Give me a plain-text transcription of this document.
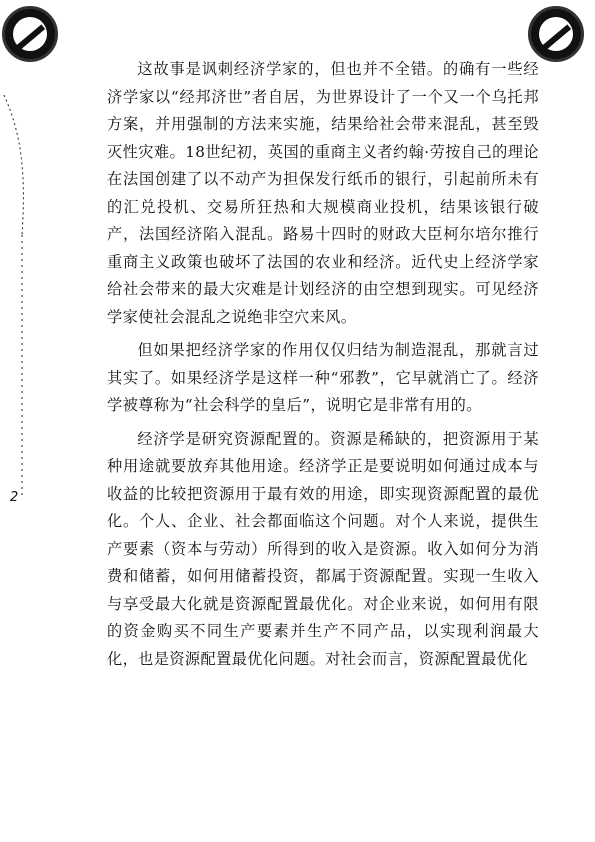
2

这故事是讽刺经济学家的，但也并不全错。的确有一些经济学家以“经邦济世”者自居，为世界设计了一个又一个乌托邦方案，并用强制的方法来实施，结果给社会带来混乱，甚至毁灭性灾难。18世纪初，英国的重商主义者约翰·劳按自己的理论在法国创建了以不动产为担保发行纸币的银行，引起前所未有的汇兑投机、交易所狂热和大规模商业投机，结果该银行破产，法国经济陷入混乱。路易十四时的财政大臣柯尔培尔推行重商主义政策也破坏了法国的农业和经济。近代史上经济学家给社会带来的最大灾难是计划经济的由空想到现实。可见经济学家使社会混乱之说绝非空穴来风。

但如果把经济学家的作用仅仅归结为制造混乱，那就言过其实了。如果经济学是这样一种“邪教”，它早就消亡了。经济学被尊称为“社会科学的皇后”，说明它是非常有用的。

经济学是研究资源配置的。资源是稀缺的，把资源用于某种用途就要放弃其他用途。经济学正是要说明如何通过成本与收益的比较把资源用于最有效的用途，即实现资源配置的最优化。个人、企业、社会都面临这个问题。对个人来说，提供生产要素（资本与劳动）所得到的收入是资源。收入如何分为消费和储蓄，如何用储蓄投资，都属于资源配置。实现一生收入与享受最大化就是资源配置最优化。对企业来说，如何用有限的资金购买不同生产要素并生产不同产品，以实现利润最大化，也是资源配置最优化问题。对社会而言，资源配置最优化
